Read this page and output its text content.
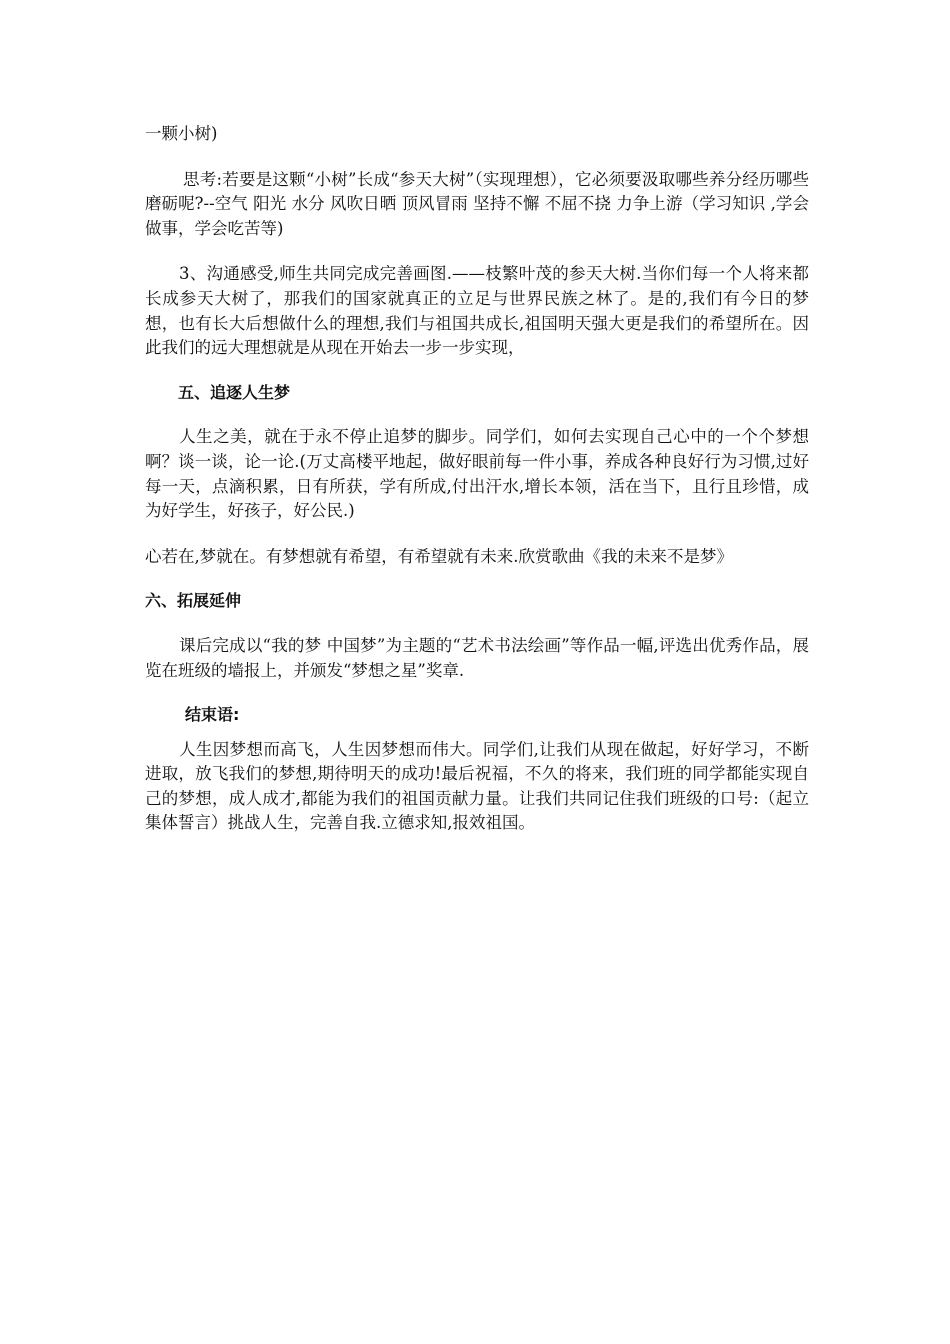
一颗小树)

思考:若要是这颗“小树”长成“参天大树”（实现理想），它必须要汲取哪些养分经历哪些磨砺呢?--空气 阳光 水分 风吹日晒 顶风冒雨 坚持不懈 不屈不挠 力争上游（学习知识 ,学会做事，学会吃苦等)

3、沟通感受,师生共同完成完善画图.——枝繁叶茂的参天大树.当你们每一个人将来都长成参天大树了，那我们的国家就真正的立足与世界民族之林了。是的,我们有今日的梦想，也有长大后想做什么的理想,我们与祖国共成长,祖国明天强大更是我们的希望所在。因此我们的远大理想就是从现在开始去一步一步实现，

五、追逐人生梦

人生之美，就在于永不停止追梦的脚步。同学们，如何去实现自己心中的一个个梦想啊？谈一谈，论一论.(万丈高楼平地起，做好眼前每一件小事，养成各种良好行为习惯,过好每一天，点滴积累，日有所获，学有所成,付出汗水,增长本领，活在当下，且行且珍惜，成为好学生，好孩子，好公民.)

心若在,梦就在。有梦想就有希望，有希望就有未来.欣赏歌曲《我的未来不是梦》

六、拓展延伸

课后完成以“我的梦 中国梦”为主题的“艺术书法绘画”等作品一幅,评选出优秀作品，展览在班级的墙报上，并颁发“梦想之星”奖章.

结束语:

人生因梦想而高飞，人生因梦想而伟大。同学们,让我们从现在做起，好好学习，不断进取，放飞我们的梦想,期待明天的成功!最后祝福，不久的将来，我们班的同学都能实现自己的梦想，成人成才,都能为我们的祖国贡献力量。让我们共同记住我们班级的口号:（起立集体誓言）挑战人生，完善自我.立德求知,报效祖国。
